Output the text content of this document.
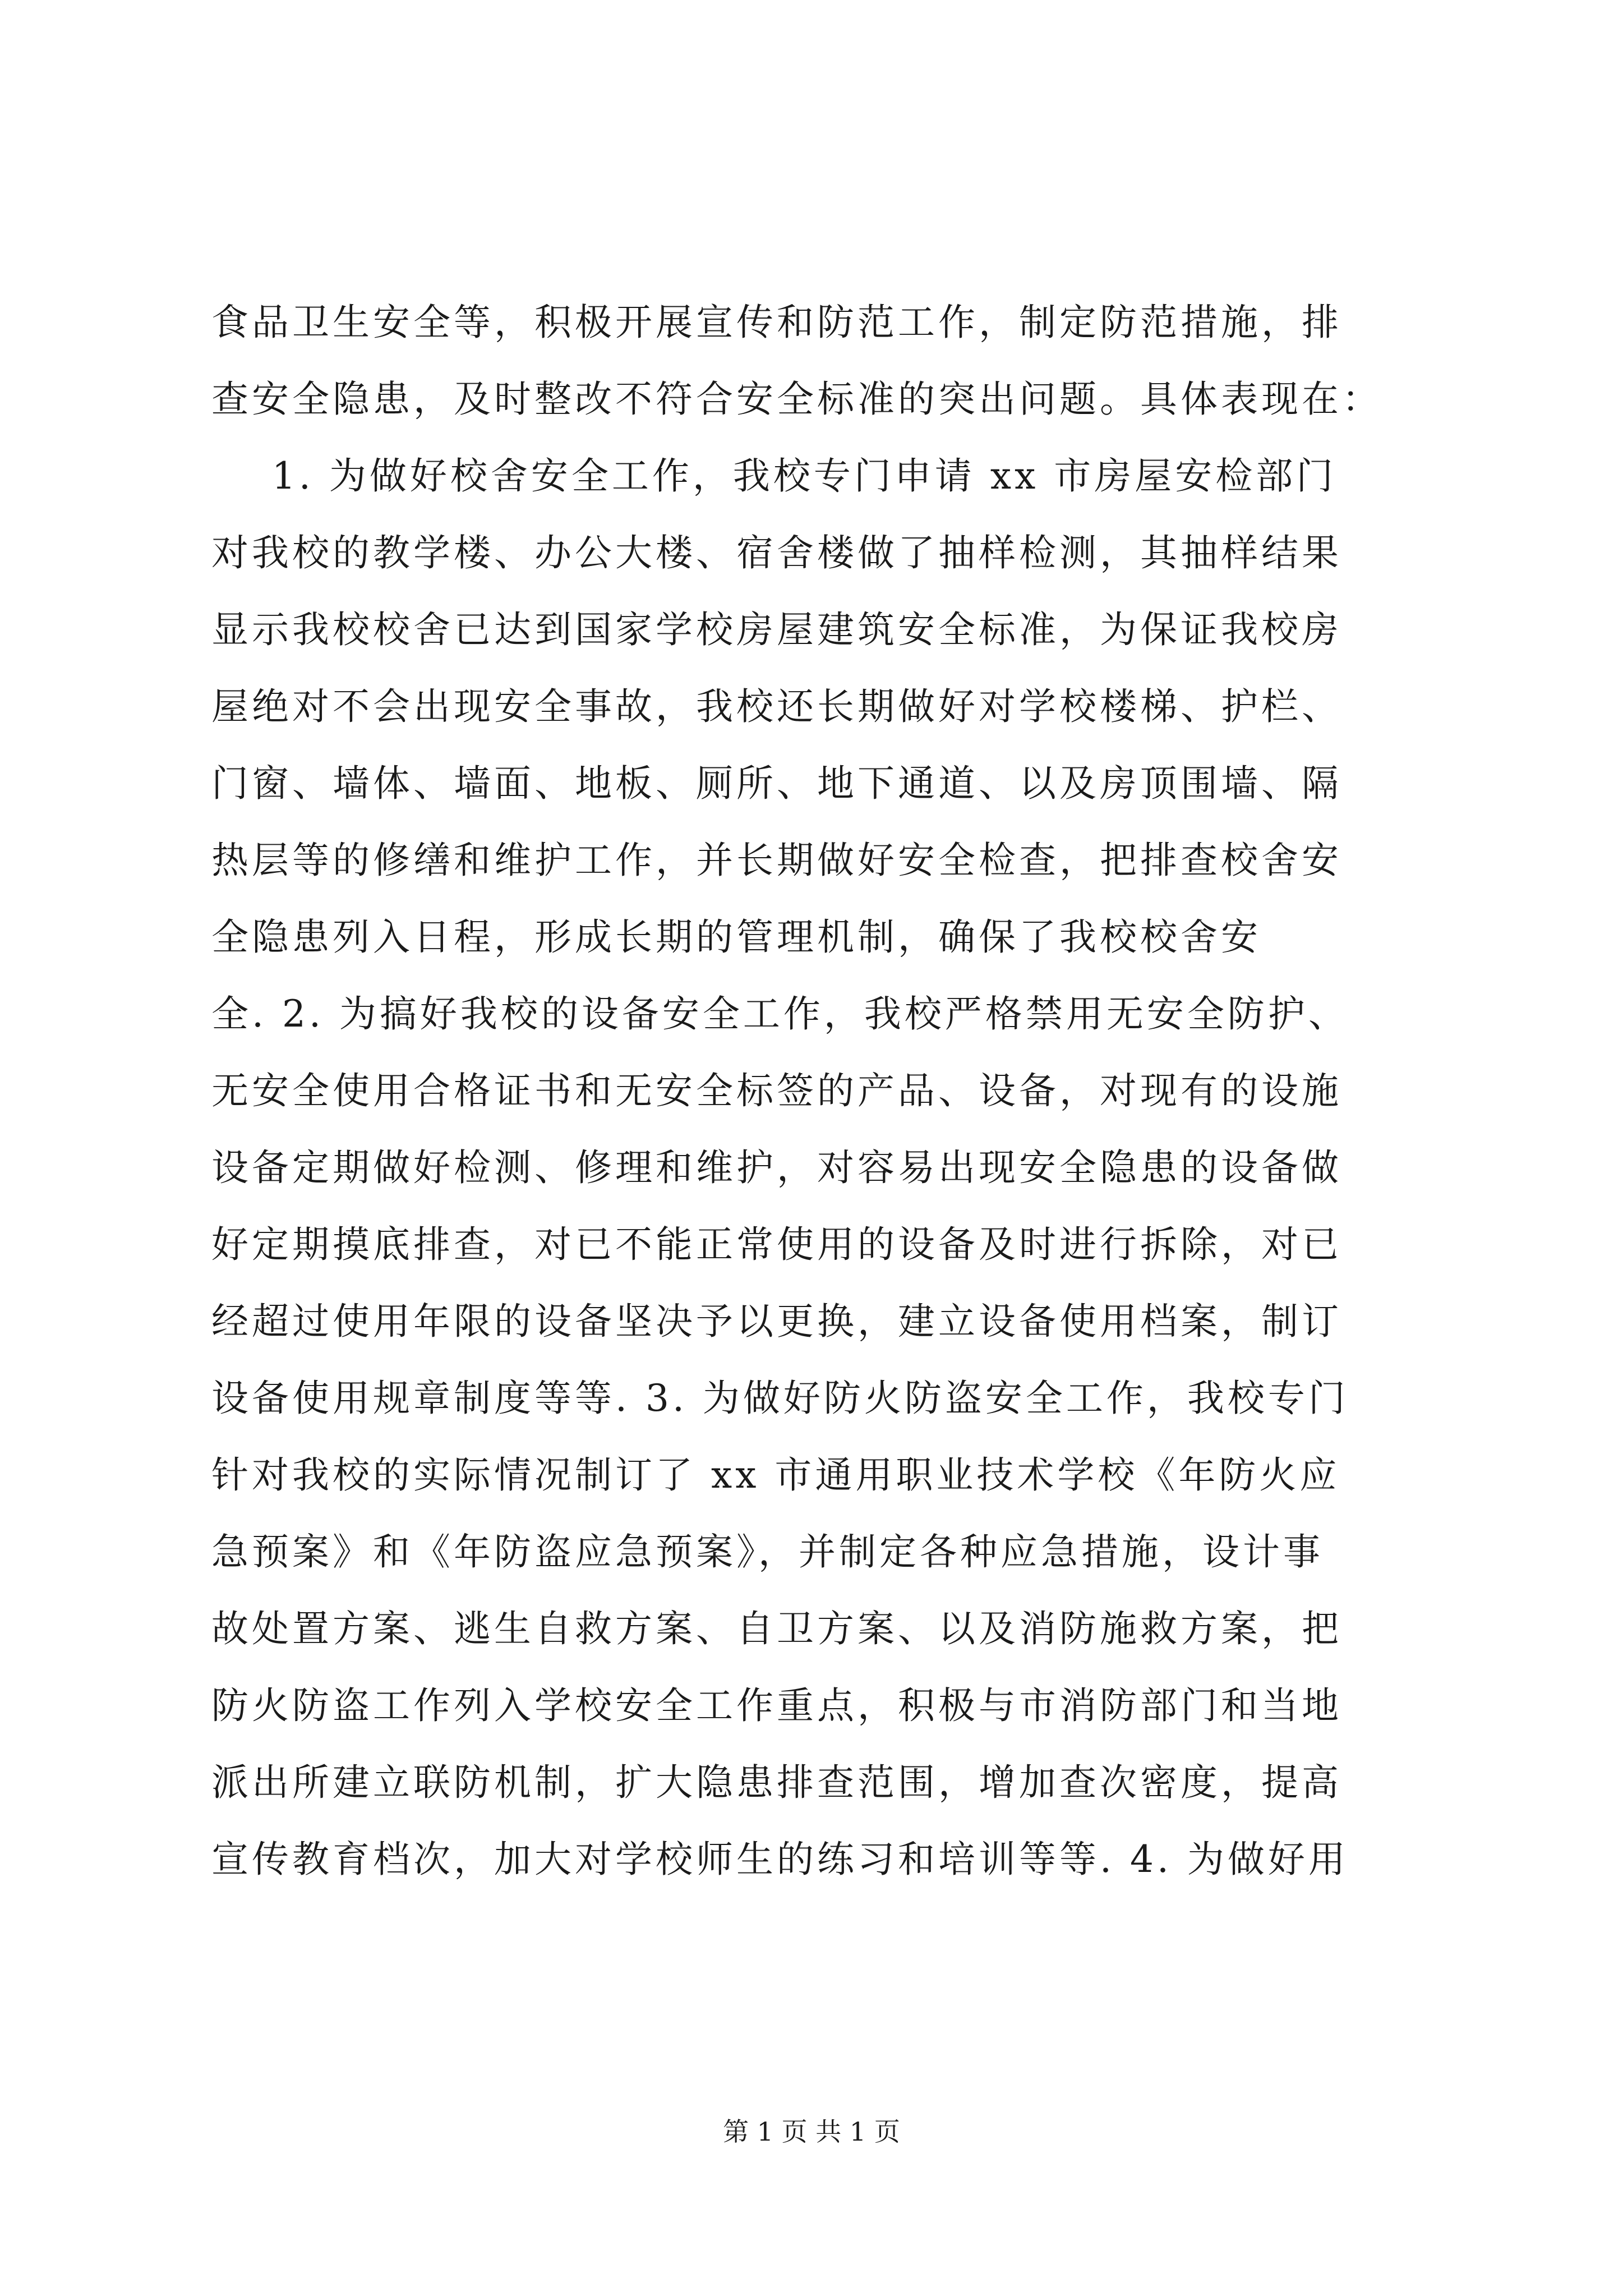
食品卫生安全等，积极开展宣传和防范工作，制定防范措施，排
查安全隐患，及时整改不符合安全标准的突出问题。具体表现在：
1. 为做好校舍安全工作，我校专门申请 xx 市房屋安检部门
对我校的教学楼、办公大楼、宿舍楼做了抽样检测，其抽样结果
显示我校校舍已达到国家学校房屋建筑安全标准，为保证我校房
屋绝对不会出现安全事故，我校还长期做好对学校楼梯、护栏、
门窗、墙体、墙面、地板、厕所、地下通道、以及房顶围墙、隔
热层等的修缮和维护工作，并长期做好安全检查，把排查校舍安
全隐患列入日程，形成长期的管理机制，确保了我校校舍安
全. 2. 为搞好我校的设备安全工作，我校严格禁用无安全防护、
无安全使用合格证书和无安全标签的产品、设备，对现有的设施
设备定期做好检测、修理和维护，对容易出现安全隐患的设备做
好定期摸底排查，对已不能正常使用的设备及时进行拆除，对已
经超过使用年限的设备坚决予以更换，建立设备使用档案，制订
设备使用规章制度等等. 3. 为做好防火防盗安全工作，我校专门
针对我校的实际情况制订了 xx 市通用职业技术学校《年防火应
急预案》和《年防盗应急预案》，并制定各种应急措施，设计事
故处置方案、逃生自救方案、自卫方案、以及消防施救方案，把
防火防盗工作列入学校安全工作重点，积极与市消防部门和当地
派出所建立联防机制，扩大隐患排查范围，增加查次密度，提高
宣传教育档次，加大对学校师生的练习和培训等等. 4. 为做好用
第 1 页 共 1 页
